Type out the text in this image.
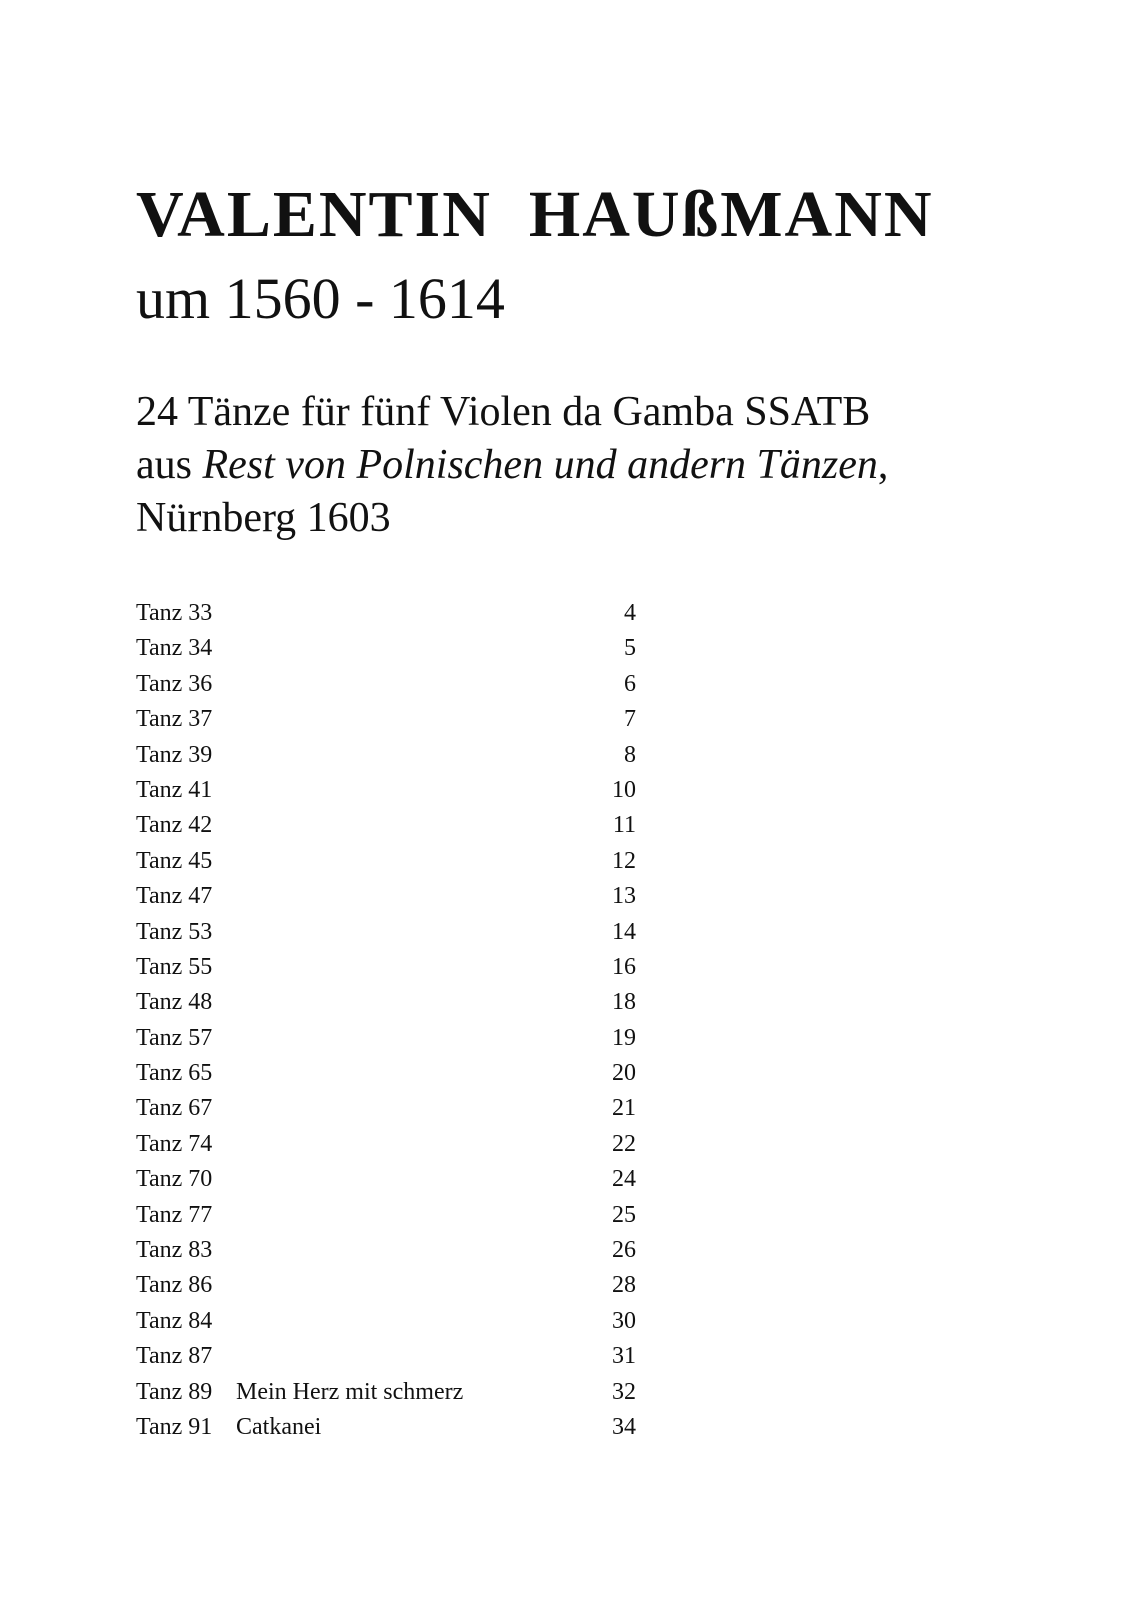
VALENTIN  HAUßMANN
um 1560 - 1614
24 Tänze für fünf Violen da Gamba SSATB
aus Rest von Polnischen und andern Tänzen,
Nürnberg 1603
Tanz 33	4
Tanz 34	5
Tanz 36	6
Tanz 37	7
Tanz 39	8
Tanz 41	10
Tanz 42	11
Tanz 45	12
Tanz 47	13
Tanz 53	14
Tanz 55	16
Tanz 48	18
Tanz 57	19
Tanz 65	20
Tanz 67	21
Tanz 74	22
Tanz 70	24
Tanz 77	25
Tanz 83	26
Tanz 86	28
Tanz 84	30
Tanz 87	31
Tanz 89 Mein Herz mit schmerz	32
Tanz 91 Catkanei	34
